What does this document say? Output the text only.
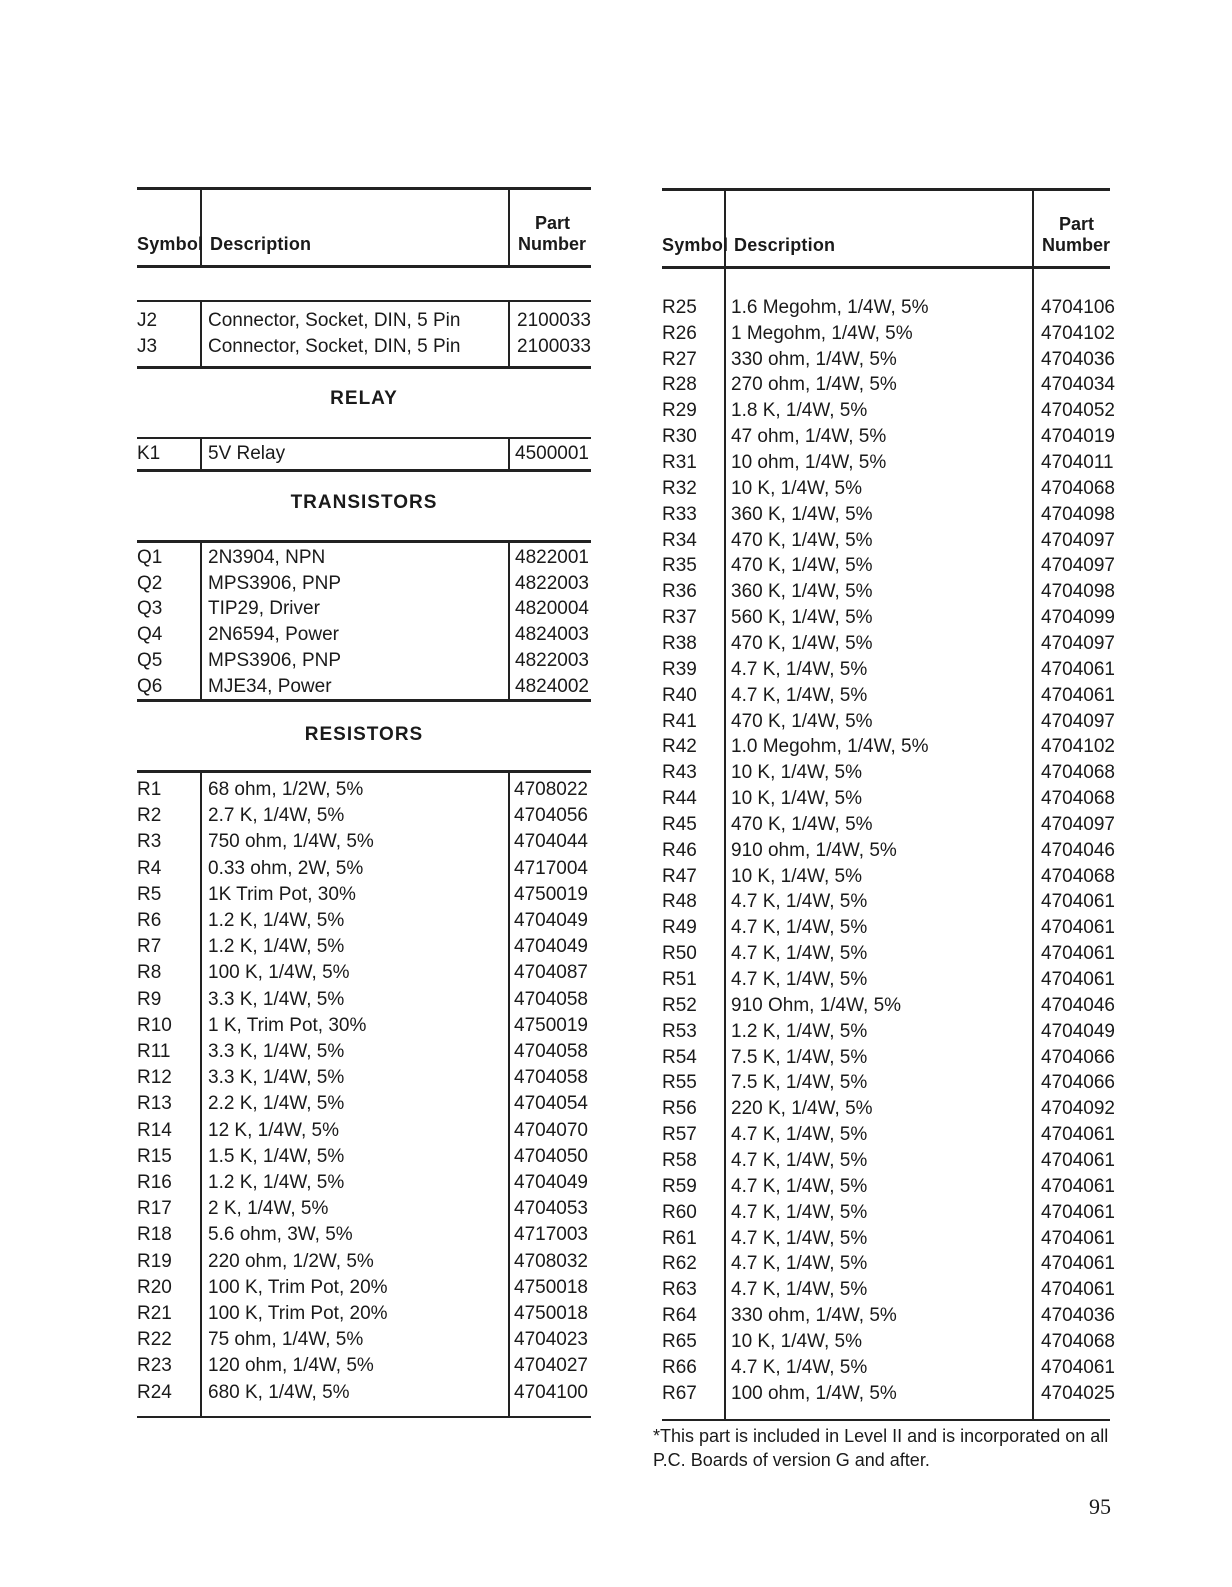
Symbol Description
Part
Number
J2	Connector, Socket, DIN, 5 Pin	2100033
J3	Connector, Socket, DIN, 5 Pin	2100033
RELAY
K1	5V Relay	4500001
TRANSISTORS
Q1 2N3904, NPN	4822001
Q2 MPS3906, PNP	4822003
Q3 TIP29, Driver	4820004
Q4 2N6594, Power	4824003
Q5 MPS3906, PNP	4822003
Q6 MJE34, Power	4824002
RESISTORS
R1 68 ohm, 1/2W, 5%	4708022
R2 2.7 K, 1/4W, 5%	4704056
R3 750 ohm, 1/4W, 5%	4704044
R4 0.33 ohm, 2W, 5%	4717004
R5 1K Trim Pot, 30%	4750019
R6 1.2 K, 1/4W, 5%	4704049
R7 1.2 K, 1/4W, 5%	4704049
R8 100 K, 1/4W, 5%	4704087
R9 3.3 K, 1/4W, 5%	4704058
R10 1 K, Trim Pot, 30%	4750019
R11 3.3 K, 1/4W, 5%	4704058
R12 3.3 K, 1/4W, 5%	4704058
R13 2.2 K, 1/4W, 5%	4704054
R14 12 K, 1/4W, 5%	4704070
R15 1.5 K, 1/4W, 5%	4704050
R16 1.2 K, 1/4W, 5%	4704049
R17 2 K, 1/4W, 5%	4704053
R18 5.6 ohm, 3W, 5%	4717003
R19 220 ohm, 1/2W, 5%	4708032
R20 100 K, Trim Pot, 20%	4750018
R21 100 K, Trim Pot, 20%	4750018
R22 75 ohm, 1/4W, 5%	4704023
R23 120 ohm, 1/4W, 5%	4704027
R24 680 K, 1/4W, 5%	4704100
Symbol Description
Part
Number
R25 1.6 Megohm, 1/4W, 5%	4704106
R26 1 Megohm, 1/4W, 5%	4704102
R27 330 ohm, 1/4W, 5%	4704036
R28 270 ohm, 1/4W, 5%	4704034
R29 1.8 K, 1/4W, 5%	4704052
R30 47 ohm, 1/4W, 5%	4704019
R31 10 ohm, 1/4W, 5%	4704011
R32 10 K, 1/4W, 5%	4704068
R33 360 K, 1/4W, 5%	4704098
R34 470 K, 1/4W, 5%	4704097
R35 470 K, 1/4W, 5%	4704097
R36 360 K, 1/4W, 5%	4704098
R37 560 K, 1/4W, 5%	4704099
R38 470 K, 1/4W, 5%	4704097
R39 4.7 K, 1/4W, 5%	4704061
R40 4.7 K, 1/4W, 5%	4704061
R41 470 K, 1/4W, 5%	4704097
R42 1.0 Megohm, 1/4W, 5%	4704102
R43 10 K, 1/4W, 5%	4704068
R44 10 K, 1/4W, 5%	4704068
R45 470 K, 1/4W, 5%	4704097
R46 910 ohm, 1/4W, 5%	4704046
R47 10 K, 1/4W, 5%	4704068
R48 4.7 K, 1/4W, 5%	4704061
R49 4.7 K, 1/4W, 5%	4704061
R50 4.7 K, 1/4W, 5%	4704061
R51 4.7 K, 1/4W, 5%	4704061
R52 910 Ohm, 1/4W, 5%	4704046
R53 1.2 K, 1/4W, 5%	4704049
R54 7.5 K, 1/4W, 5%	4704066
R55 7.5 K, 1/4W, 5%	4704066
R56 220 K, 1/4W, 5%	4704092
R57 4.7 K, 1/4W, 5%	4704061
R58 4.7 K, 1/4W, 5%	4704061
R59 4.7 K, 1/4W, 5%	4704061
R60 4.7 K, 1/4W, 5%	4704061
R61 4.7 K, 1/4W, 5%	4704061
R62 4.7 K, 1/4W, 5%	4704061
R63 4.7 K, 1/4W, 5%	4704061
R64 330 ohm, 1/4W, 5%	4704036
R65 10 K, 1/4W, 5%	4704068
R66 4.7 K, 1/4W, 5%	4704061
R67 100 ohm, 1/4W, 5%	4704025
*This part is included in Level II and is incorporated on all P.C. Boards of version G and after.
95
